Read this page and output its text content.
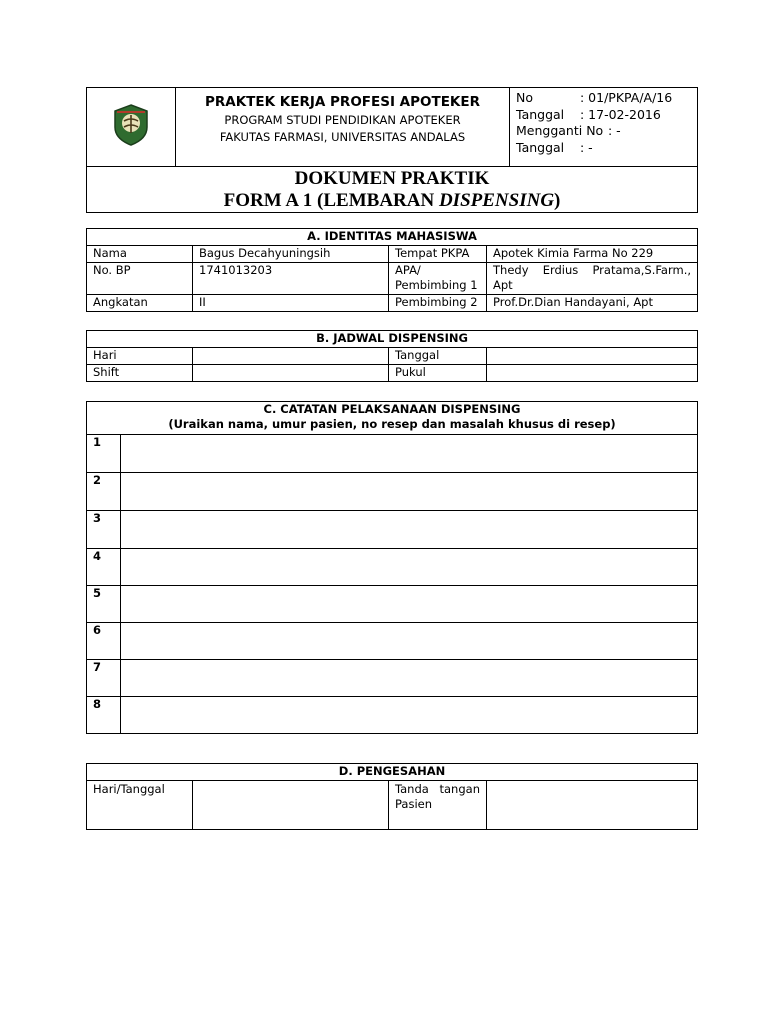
PRAKTEK KERJA PROFESI APOTEKER
PROGRAM STUDI PENDIDIKAN APOTEKER
FAKUTAS FARMASI, UNIVERSITAS ANDALAS

No	: 01/PKPA/A/16
Tanggal	: 17-02-2016
Mengganti No : -
Tanggal	: -

DOKUMEN PRAKTIK
FORM A 1 (LEMBARAN DISPENSING)
A. IDENTITAS MAHASISWA			
Nama	Bagus Decahyuningsih	Tempat PKPA	Apotek Kimia Farma No 229
No. BP	1741013203	APA/ Pembimbing 1	Thedy Erdius Pratama,S.Farm., Apt
Angkatan	II	Pembimbing 2	Prof.Dr.Dian Handayani, Apt
B. JADWAL DISPENSING			
Hari		Tanggal	
Shift		Pukul	
C. CATATAN PELAKSANAAN DISPENSING
(Uraikan nama, umur pasien, no resep dan masalah khusus di resep)	

1	
2	
3	
4	
5	
6	
7	
8	
D. PENGESAHAN
Hari/Tanggal		Tanda tangan Pasien	
